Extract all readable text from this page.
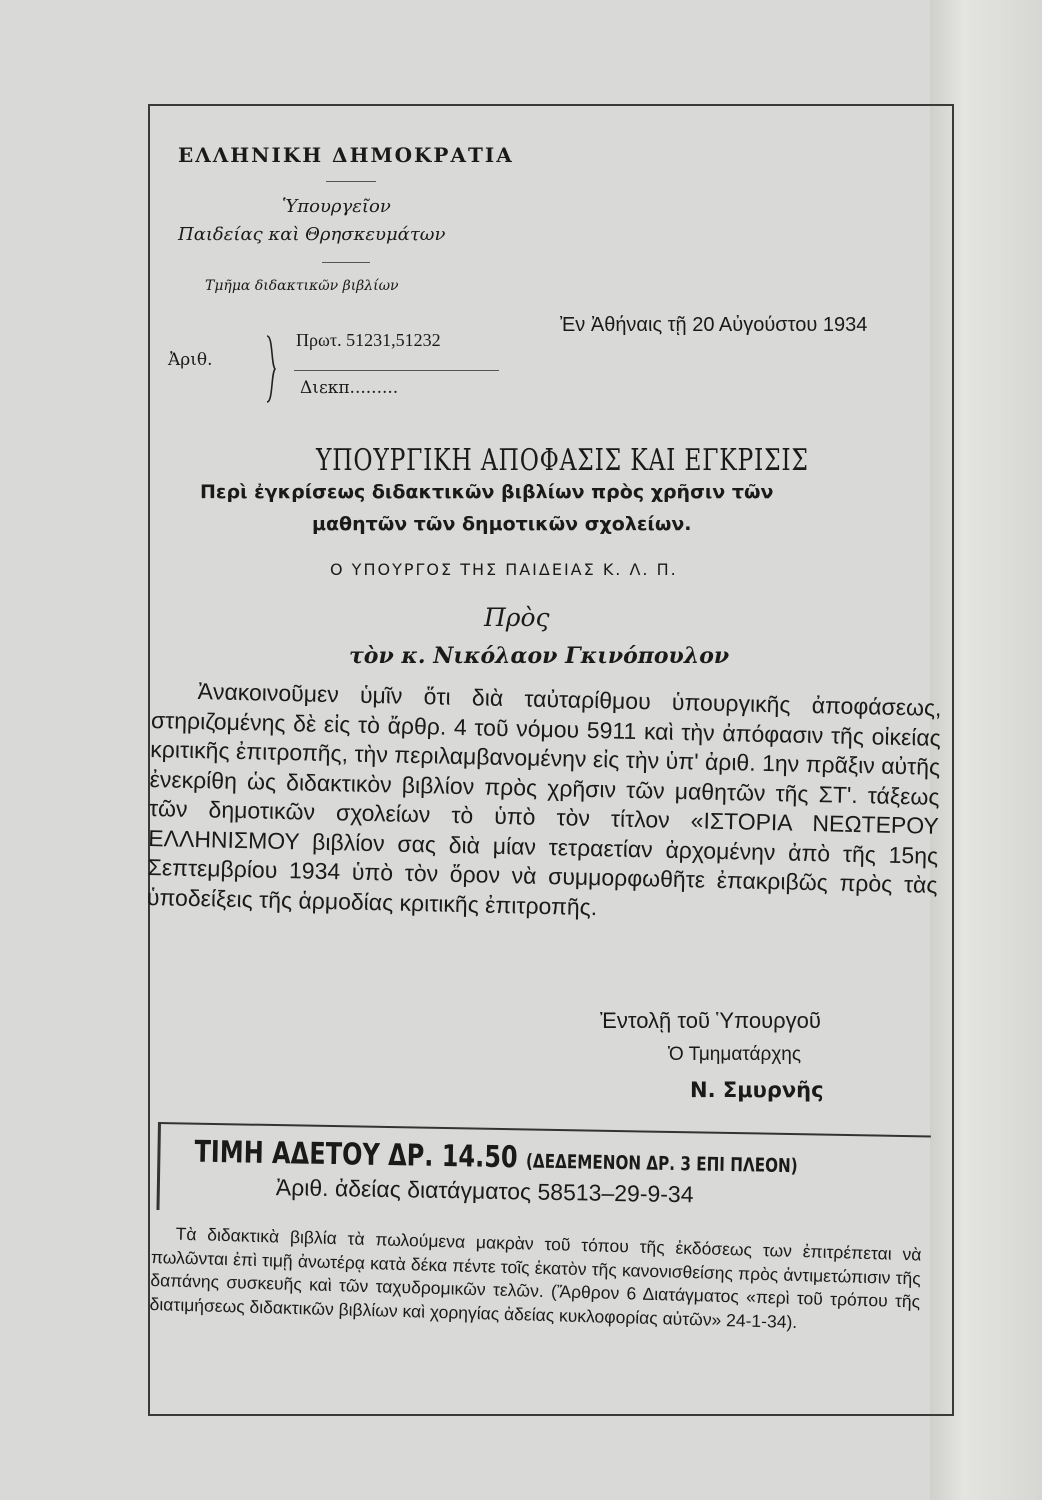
ΕΛΛΗΝΙΚΗ ΔΗΜΟΚΡΑΤΙΑ
Ὑπουργεῖον
Παιδείας καὶ Θρησκευμάτων
Τμῆμα διδακτικῶν βιβλίων
Ἀριθ.
Πρωτ. 51231,51232
Διεκπ.........
Ἐν Ἀθήναις τῇ 20 Αὐγούστου 1934
ΥΠΟΥΡΓΙΚΗ ΑΠΟΦΑΣΙΣ ΚΑΙ ΕΓΚΡΙΣΙΣ
Περὶ ἐγκρίσεως διδακτικῶν βιβλίων πρὸς χρῆσιν τῶν
μαθητῶν τῶν δημοτικῶν σχολείων.
Ο ΥΠΟΥΡΓΟΣ ΤΗΣ ΠΑΙΔΕΙΑΣ Κ. Λ. Π.
Πρὸς
τὸν κ. Νικόλαον Γκινόπουλον

Ἀνακοινοῦμεν ὑμῖν ὅτι διὰ ταὐταρίθμου ὑπουργικῆς ἀποφάσεως, στηριζομένης δὲ εἰς τὸ ἄρθρ. 4 τοῦ νόμου 5911 καὶ τὴν ἀπόφασιν τῆς οἰκείας κριτικῆς ἐπιτροπῆς, τὴν περιλαμβανομένην εἰς τὴν ὑπ' ἀριθ. 1ην πρᾶξιν αὐτῆς ἐνεκρίθη ὡς διδακτικὸν βιβλίον πρὸς χρῆσιν τῶν μαθητῶν τῆς ΣΤ'. τάξεως τῶν δημοτικῶν σχολείων τὸ ὑπὸ τὸν τίτλον «ΙΣΤΟΡΙΑ ΝΕΩΤΕΡΟΥ ΕΛΛΗΝΙΣΜΟΥ βιβλίον σας διὰ μίαν τετραετίαν ἀρχομένην ἀπὸ τῆς 15ης Σεπτεμβρίου 1934 ὑπὸ τὸν ὅρον νὰ συμμορφωθῆτε ἐπακριβῶς πρὸς τὰς ὑποδείξεις τῆς ἁρμοδίας κριτικῆς ἐπιτροπῆς.

Ἐντολῇ τοῦ Ὑπουργοῦ
Ὁ Τμηματάρχης
Ν. Σμυρνῆς
ΤΙΜΗ ΑΔΕΤΟΥ ΔΡ. 14.50 (ΔΕΔΕΜΕΝΟΝ ΔΡ. 3 ΕΠΙ ΠΛΕΟΝ)
Ἀριθ. ἀδείας διατάγματος 58513–29-9-34

Τὰ διδακτικὰ βιβλία τὰ πωλούμενα μακρὰν τοῦ τόπου τῆς ἐκδόσεως των ἐπιτρέπεται νὰ πωλῶνται ἐπὶ τιμῇ ἀνωτέρᾳ κατὰ δέκα πέντε τοῖς ἑκατὸν τῆς κανονισθείσης πρὸς ἀντιμετώπισιν τῆς δαπάνης συσκευῆς καὶ τῶν ταχυδρομικῶν τελῶν. (Ἄρθρον 6 Διατάγματος «περὶ τοῦ τρόπου τῆς διατιμήσεως διδακτικῶν βιβλίων καὶ χορηγίας ἀδείας κυκλοφορίας αὐτῶν» 24-1-34).
